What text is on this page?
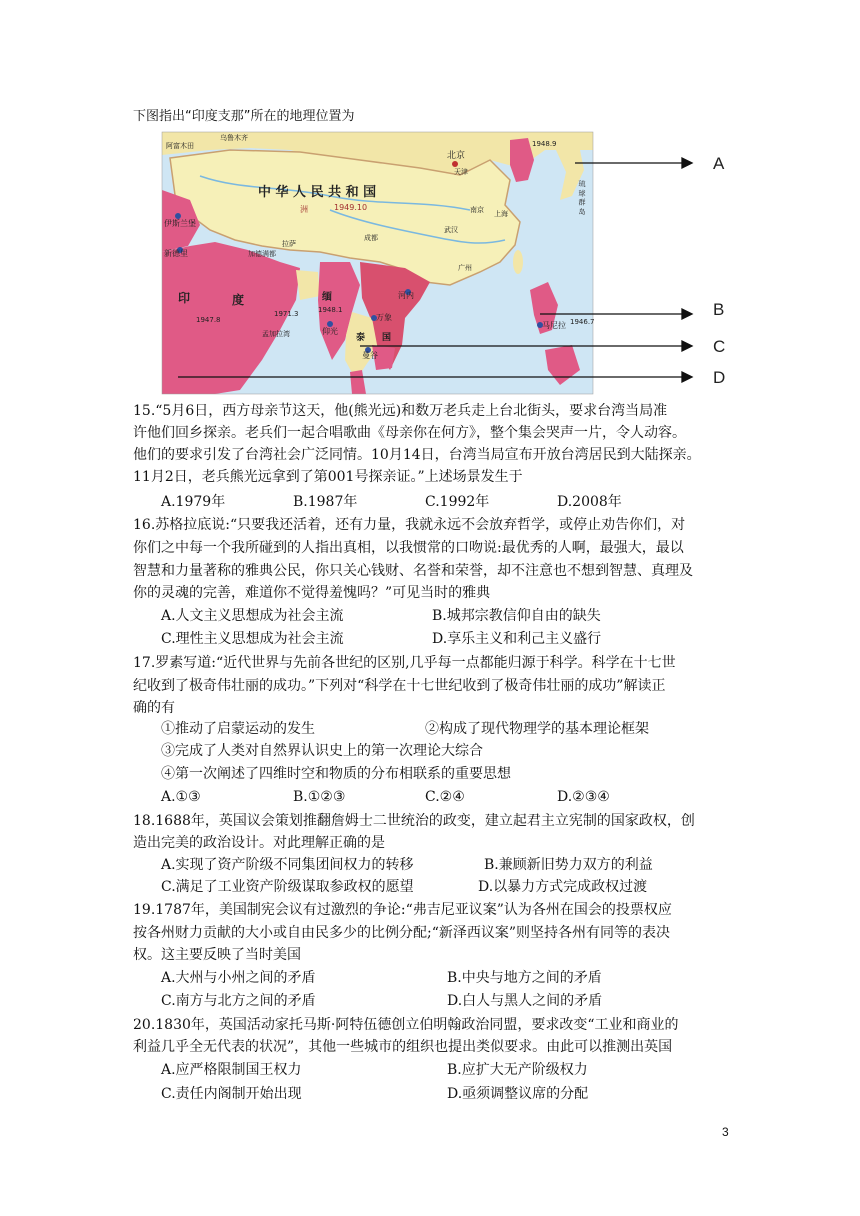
下图指出“印度支那”所在的地理位置为
中 华 人 民 共 和 国
1949.10
洲
北京
天津
南京 上海
武汉
成都
广州
拉萨
乌鲁木齐
阿富木田
伊斯兰堡
新德里	加德满都
印	度
1947.8
1971.3
孟加拉湾
缅
1948.1
仰光
河内
万象
泰 国
曼谷
马尼拉 1946.7
1948.9
琉 球 群 岛
A
B
C
D
15.“5月6日，西方母亲节这天，他(熊光远)和数万老兵走上台北街头，要求台湾当局准
许他们回乡探亲。老兵们一起合唱歌曲《母亲你在何方》，整个集会哭声一片，令人动容。
他们的要求引发了台湾社会广泛同情。10月14日，台湾当局宣布开放台湾居民到大陆探亲。
11月2日，老兵熊光远拿到了第001号探亲证。”上述场景发生于
A.1979年	B.1987年	C.1992年	D.2008年
16.苏格拉底说:“只要我还活着，还有力量，我就永远不会放弃哲学，或停止劝告你们，对
你们之中每一个我所碰到的人指出真相，以我惯常的口吻说:最优秀的人啊，最强大，最以
智慧和力量著称的雅典公民，你只关心钱财、名誉和荣誉，却不注意也不想到智慧、真理及
你的灵魂的完善，难道你不觉得羞愧吗？”可见当时的雅典
A.人文主义思想成为社会主流	B.城邦宗教信仰自由的缺失
C.理性主义思想成为社会主流	D.享乐主义和利己主义盛行
17.罗素写道:“近代世界与先前各世纪的区别,几乎每一点都能归源于科学。科学在十七世
纪收到了极奇伟壮丽的成功。”下列对“科学在十七世纪收到了极奇伟壮丽的成功”解读正
确的有
①推动了启蒙运动的发生	②构成了现代物理学的基本理论框架
③完成了人类对自然界认识史上的第一次理论大综合
④第一次阐述了四维时空和物质的分布相联系的重要思想
A.①③	B.①②③	C.②④	D.②③④
18.1688年，英国议会策划推翻詹姆士二世统治的政变，建立起君主立宪制的国家政权，创
造出完美的政治设计。对此理解正确的是
A.实现了资产阶级不同集团间权力的转移	B.兼顾新旧势力双方的利益
C.满足了工业资产阶级谋取参政权的愿望	D.以暴力方式完成政权过渡
19.1787年，美国制宪会议有过激烈的争论:“弗吉尼亚议案”认为各州在国会的投票权应
按各州财力贡献的大小或自由民多少的比例分配;“新泽西议案”则坚持各州有同等的表决
权。这主要反映了当时美国
A.大州与小州之间的矛盾	B.中央与地方之间的矛盾
C.南方与北方之间的矛盾	D.白人与黑人之间的矛盾
20.1830年，英国活动家托马斯·阿特伍德创立伯明翰政治同盟，要求改变“工业和商业的
利益几乎全无代表的状况”，其他一些城市的组织也提出类似要求。由此可以推测出英国
A.应严格限制国王权力	B.应扩大无产阶级权力
C.责任内阁制开始出现	D.亟须调整议席的分配
3
